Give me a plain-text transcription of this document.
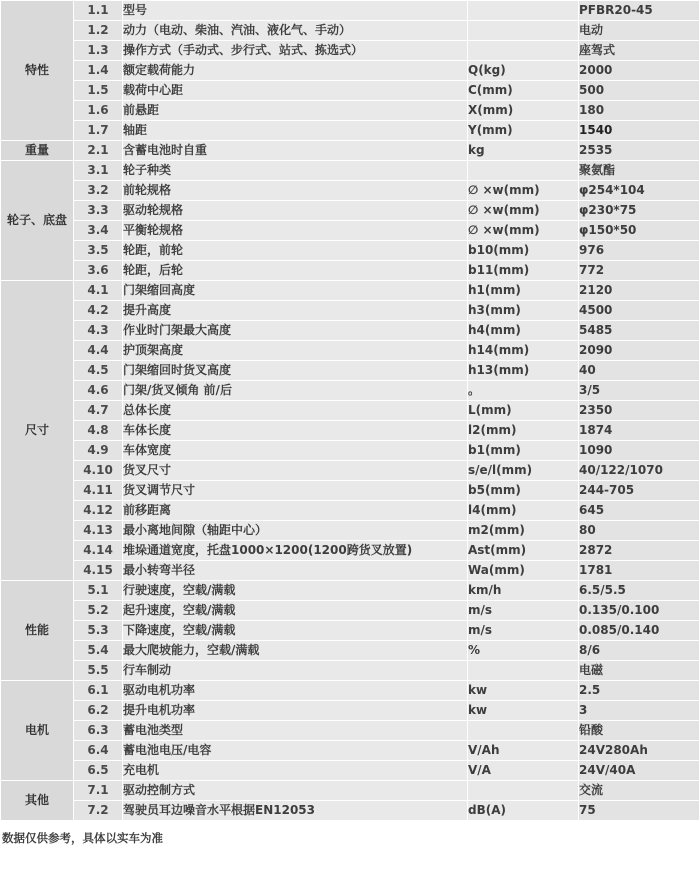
特性	1.1	型号		PFBR20-45
	1.2	动力（电动、柴油、汽油、液化气、手动）		电动
	1.3	操作方式（手动式、步行式、站式、拣选式）		座驾式
	1.4	额定载荷能力	Q(kg)	2000
	1.5	载荷中心距	C(mm)	500
	1.6	前悬距	X(mm)	180
	1.7	轴距	Y(mm)	1540
重量	2.1	含蓄电池时自重	kg	2535
轮子、底盘	3.1	轮子种类		聚氨酯
	3.2	前轮规格	∅ ×w(mm)	φ254*104
	3.3	驱动轮规格	∅ ×w(mm)	φ230*75
	3.4	平衡轮规格	∅ ×w(mm)	φ150*50
	3.5	轮距，前轮	b10(mm)	976
	3.6	轮距，后轮	b11(mm)	772
尺寸	4.1	门架缩回高度	h1(mm)	2120
	4.2	提升高度	h3(mm)	4500
	4.3	作业时门架最大高度	h4(mm)	5485
	4.4	护顶架高度	h14(mm)	2090
	4.5	门架缩回时货叉高度	h13(mm)	40
	4.6	门架/货叉倾角 前/后	。	3/5
	4.7	总体长度	L(mm)	2350
	4.8	车体长度	l2(mm)	1874
	4.9	车体宽度	b1(mm)	1090
	4.10	货叉尺寸	s/e/l(mm)	40/122/1070
	4.11	货叉调节尺寸	b5(mm)	244-705
	4.12	前移距离	l4(mm)	645
	4.13	最小离地间隙（轴距中心）	m2(mm)	80
	4.14	堆垛通道宽度，托盘1000×1200(1200跨货叉放置)	Ast(mm)	2872
	4.15	最小转弯半径	Wa(mm)	1781
性能	5.1	行驶速度，空载/满载	km/h	6.5/5.5
	5.2	起升速度，空载/满载	m/s	0.135/0.100
	5.3	下降速度，空载/满载	m/s	0.085/0.140
	5.4	最大爬坡能力，空载/满载	%	8/6
	5.5	行车制动		电磁
电机	6.1	驱动电机功率	kw	2.5
	6.2	提升电机功率	kw	3
	6.3	蓄电池类型		铅酸
	6.4	蓄电池电压/电容	V/Ah	24V280Ah
	6.5	充电机	V/A	24V/40A
其他	7.1	驱动控制方式		交流
	7.2	驾驶员耳边噪音水平根据EN12053	dB(A)	75
数据仅供参考，具体以实车为准
